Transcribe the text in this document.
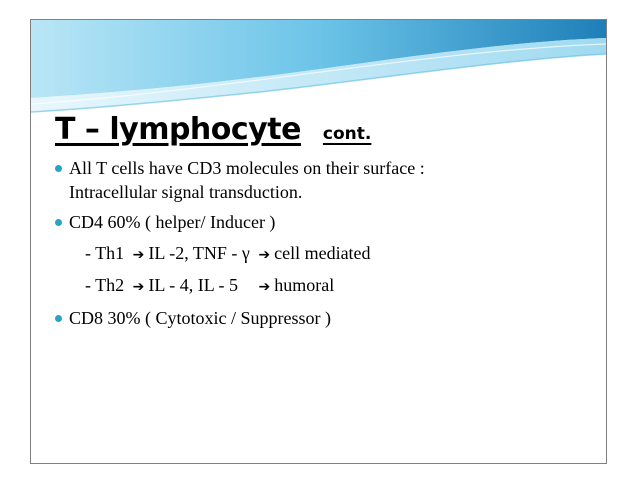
T – lymphocyte cont.
All T cells have CD3 molecules on their surface :
Intracellular signal transduction.
CD4 60% ( helper/ Inducer )
- Th1 ➔ IL -2, TNF - γ ➔ cell mediated
- Th2 ➔ IL - 4, IL - 5 ➔ humoral
CD8 30% ( Cytotoxic / Suppressor )
